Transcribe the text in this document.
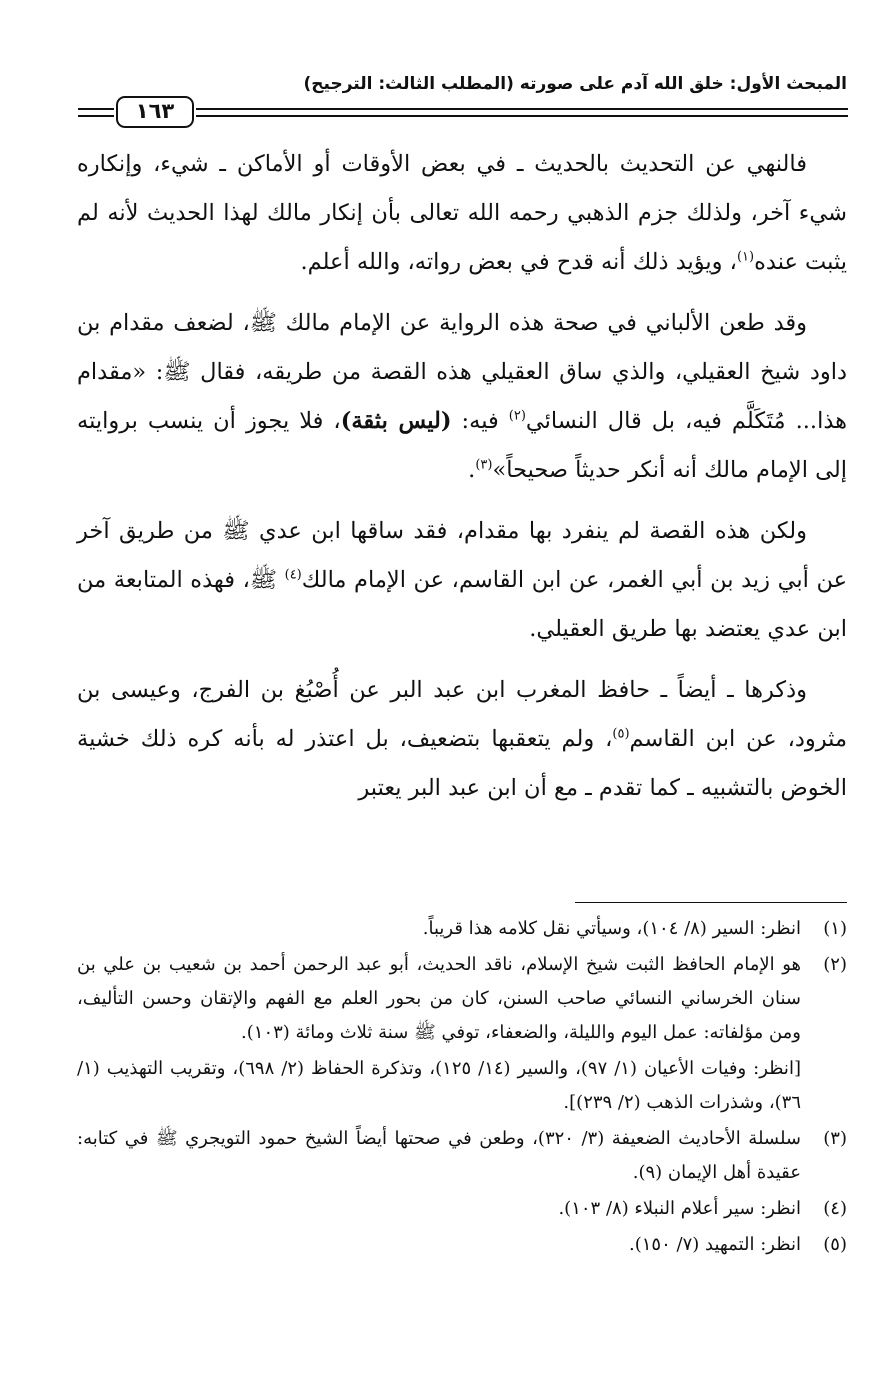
المبحث الأول: خلق الله آدم على صورته (المطلب الثالث: الترجيح)
١٦٣

فالنهي عن التحديث بالحديث ـ في بعض الأوقات أو الأماكن ـ شيء، وإنكاره شيء آخر، ولذلك جزم الذهبي رحمه الله تعالى بأن إنكار مالك لهذا الحديث لأنه لم يثبت عنده$^{(١)}$، ويؤيد ذلك أنه قدح في بعض رواته، والله أعلم.

وقد طعن الألباني في صحة هذه الرواية عن الإمام مالك ﷺ، لضعف مقدام بن داود شيخ العقيلي، والذي ساق العقيلي هذه القصة من طريقه، فقال ﷺ: «مقدام هذا... مُتَكَلَّم فيه، بل قال النسائي$^{(٢)}$ فيه: (ليس بثقة)، فلا يجوز أن ينسب بروايته إلى الإمام مالك أنه أنكر حديثاً صحيحاً»$^{(٣)}$.

ولكن هذه القصة لم ينفرد بها مقدام، فقد ساقها ابن عدي ﷺ من طريق آخر عن أبي زيد بن أبي الغمر، عن ابن القاسم، عن الإمام مالك$^{(٤)}$ ﷺ، فهذه المتابعة من ابن عدي يعتضد بها طريق العقيلي.

وذكرها ـ أيضاً ـ حافظ المغرب ابن عبد البر عن أُصْبُغ بن الفرج، وعيسى بن مثرود، عن ابن القاسم$^{(٥)}$، ولم يتعقبها بتضعيف، بل اعتذر له بأنه كره ذلك خشية الخوض بالتشبيه ـ كما تقدم ـ مع أن ابن عبد البر يعتبر

(١)
انظر: السير (٨/ ١٠٤)، وسيأتي نقل كلامه هذا قريباً.
(٢)
هو الإمام الحافظ الثبت شيخ الإسلام، ناقد الحديث، أبو عبد الرحمن أحمد بن شعيب بن علي بن سنان الخرساني النسائي صاحب السنن، كان من بحور العلم مع الفهم والإتقان وحسن التأليف، ومن مؤلفاته: عمل اليوم والليلة، والضعفاء، توفي ﷺ سنة ثلاث ومائة (١٠٣).
[انظر: وفيات الأعيان (١/ ٩٧)، والسير (١٤/ ١٢٥)، وتذكرة الحفاظ (٢/ ٦٩٨)، وتقريب التهذيب (١/ ٣٦)، وشذرات الذهب (٢/ ٢٣٩)].
(٣)
سلسلة الأحاديث الضعيفة (٣/ ٣٢٠)، وطعن في صحتها أيضاً الشيخ حمود التويجري ﷺ في كتابه: عقيدة أهل الإيمان (٩).
(٤)
انظر: سير أعلام النبلاء (٨/ ١٠٣).
(٥)
انظر: التمهيد (٧/ ١٥٠).
